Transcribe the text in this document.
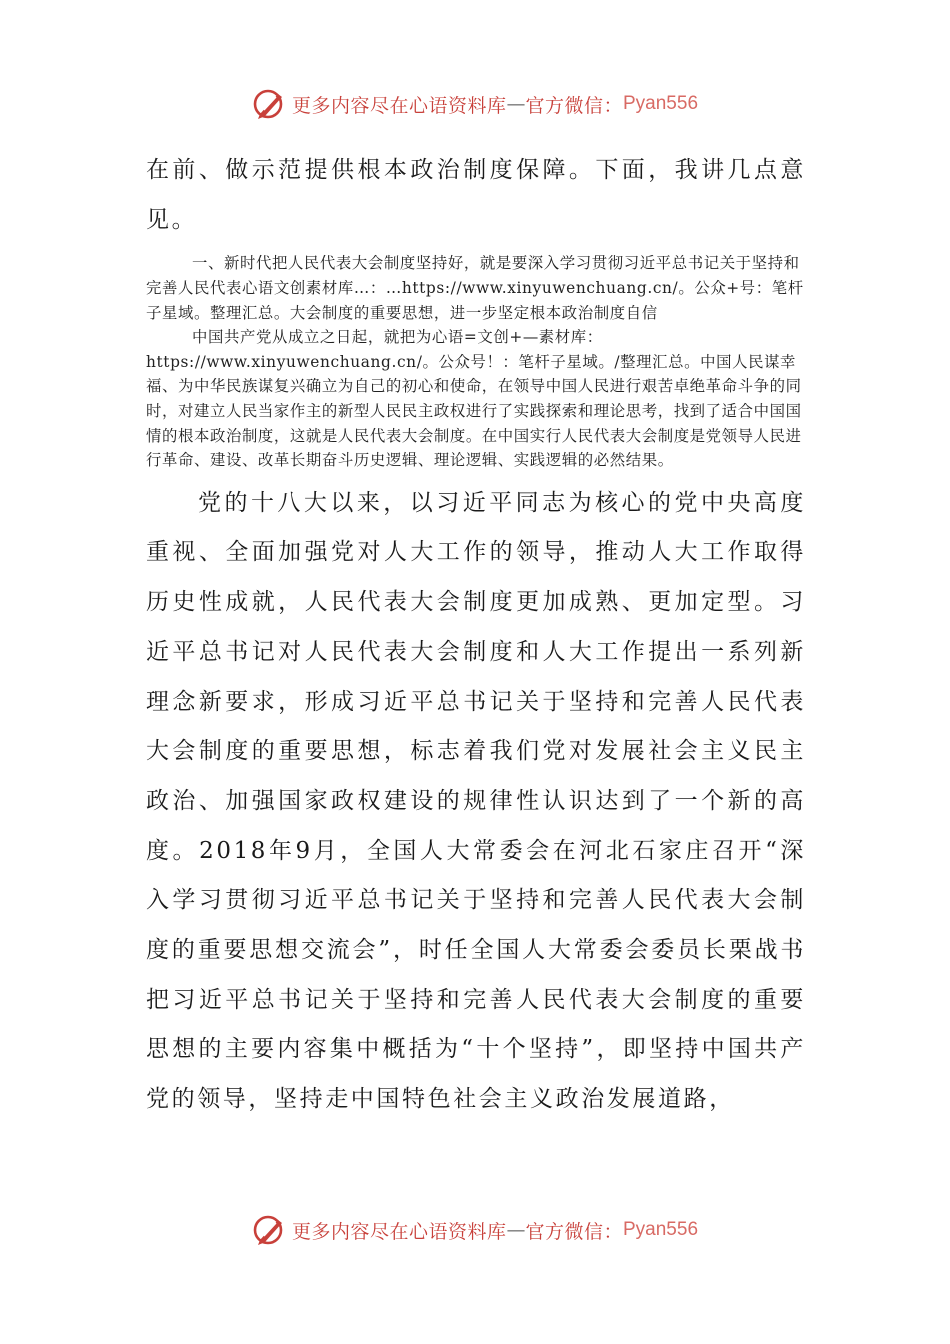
更多内容尽在心语资料库 — 官方微信： Pyan556

在前、做示范提供根本政治制度保障。下面，我讲几点意见。

一、新时代把人民代表大会制度坚持好，就是要深入学习贯彻习近平总书记关于坚持和完善人民代表心语文创素材库…：…https://www.xinyuwenchuang.cn/。公众+号：笔杆子星域。整理汇总。大会制度的重要思想，进一步坚定根本政治制度自信

中国共产党从成立之日起，就把为心语=文创+—素材库：https://www.xinyuwenchuang.cn/。公众号！：笔杆子星域。/整理汇总。中国人民谋幸福、为中华民族谋复兴确立为自己的初心和使命，在领导中国人民进行艰苦卓绝革命斗争的同时，对建立人民当家作主的新型人民民主政权进行了实践探索和理论思考，找到了适合中国国情的根本政治制度，这就是人民代表大会制度。在中国实行人民代表大会制度是党领导人民进行革命、建设、改革长期奋斗历史逻辑、理论逻辑、实践逻辑的必然结果。

党的十八大以来，以习近平同志为核心的党中央高度重视、全面加强党对人大工作的领导，推动人大工作取得历史性成就，人民代表大会制度更加成熟、更加定型。习近平总书记对人民代表大会制度和人大工作提出一系列新理念新要求，形成习近平总书记关于坚持和完善人民代表大会制度的重要思想，标志着我们党对发展社会主义民主政治、加强国家政权建设的规律性认识达到了一个新的高度。2018年9月，全国人大常委会在河北石家庄召开“深入学习贯彻习近平总书记关于坚持和完善人民代表大会制度的重要思想交流会”，时任全国人大常委会委员长栗战书把习近平总书记关于坚持和完善人民代表大会制度的重要思想的主要内容集中概括为“十个坚持”，即坚持中国共产党的领导，坚持走中国特色社会主义政治发展道路，

更多内容尽在心语资料库 — 官方微信： Pyan556
